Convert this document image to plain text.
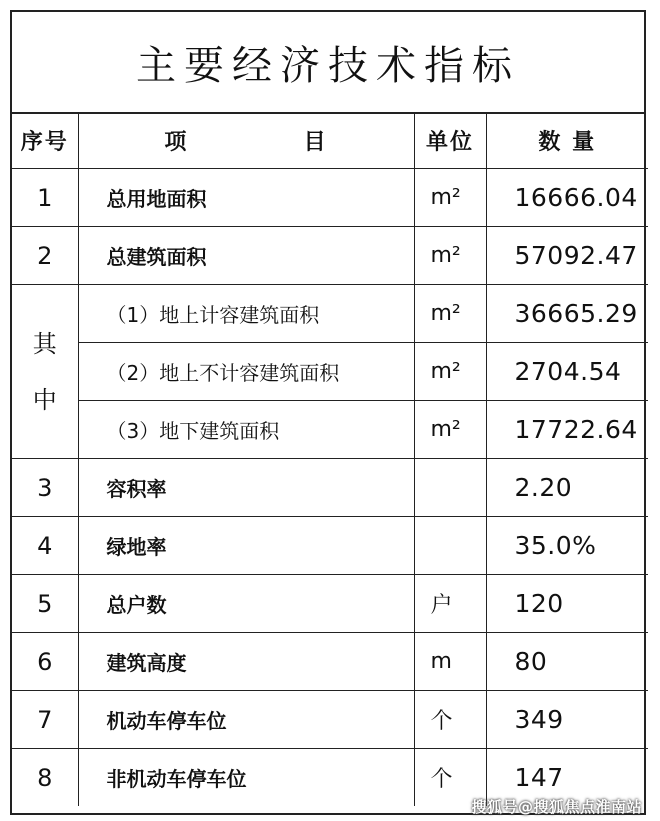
主要经济技术指标
序号	项 目	单位	数 量
1	总用地面积	m²	16666.04
2	总建筑面积	m²	57092.47

其
中	（1）地上计容建筑面积	m²	36665.29
	（2）地上不计容建筑面积	m²	2704.54
	（3）地下建筑面积	m²	17722.64
3	容积率		2.20
4	绿地率		35.0%
5	总户数	户	120
6	建筑高度	m	80
7	机动车停车位	个	349
8	非机动车停车位	个	147
搜狐号@搜狐焦点淮南站
